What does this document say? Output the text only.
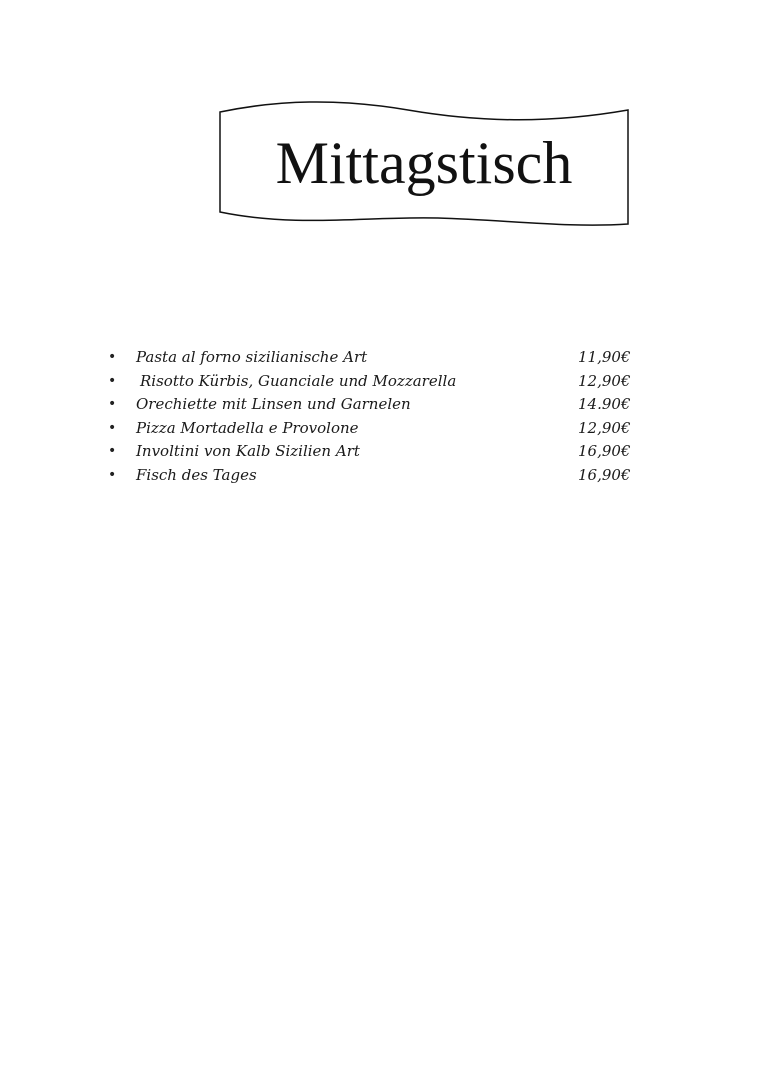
Mittagstisch
•	Pasta al forno sizilianische Art	11,90€
•	Risotto Kürbis, Guanciale und Mozzarella	12,90€
•	Orechiette mit Linsen und Garnelen	14.90€
•	Pizza Mortadella e Provolone	12,90€
•	Involtini von Kalb Sizilien Art	16,90€
•	Fisch des Tages	16,90€
